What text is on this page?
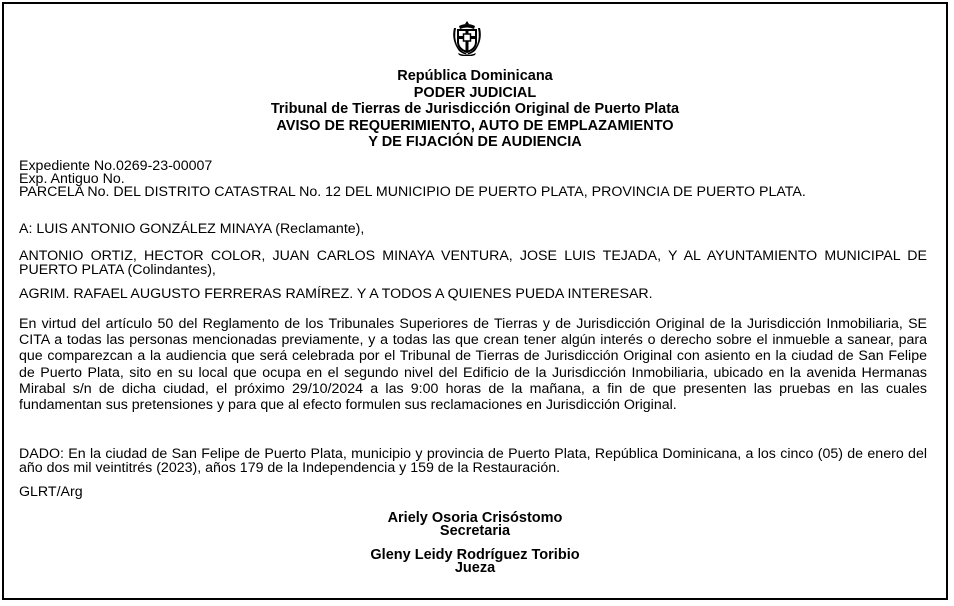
República Dominicana
PODER JUDICIAL
Tribunal de Tierras de Jurisdicción Original de Puerto Plata
AVISO DE REQUERIMIENTO, AUTO DE EMPLAZAMIENTO
Y DE FIJACIÓN DE AUDIENCIA
Expediente No.0269-23-00007
Exp. Antiguo No.
PARCELA No. DEL DISTRITO CATASTRAL No. 12 DEL MUNICIPIO DE PUERTO PLATA, PROVINCIA DE PUERTO PLATA.
A: LUIS ANTONIO GONZÁLEZ MINAYA (Reclamante),
ANTONIO ORTIZ, HECTOR COLOR, JUAN CARLOS MINAYA VENTURA, JOSE LUIS TEJADA, Y AL AYUNTAMIENTO MUNICIPAL DE PUERTO PLATA (Colindantes),
AGRIM. RAFAEL AUGUSTO FERRERAS RAMÍREZ. Y A TODOS A QUIENES PUEDA INTERESAR.
En virtud del artículo 50 del Reglamento de los Tribunales Superiores de Tierras y de Jurisdicción Original de la Jurisdicción Inmobiliaria, SE CITA a todas las personas mencionadas previamente, y a todas las que crean tener algún interés o derecho sobre el inmueble a sanear, para que comparezcan a la audiencia que será celebrada por el Tribunal de Tierras de Jurisdicción Original con asiento en la ciudad de San Felipe de Puerto Plata, sito en su local que ocupa en el segundo nivel del Edificio de la Jurisdicción Inmobiliaria, ubicado en la avenida Hermanas Mirabal s/n de dicha ciudad, el próximo 29/10/2024 a las 9:00 horas de la mañana, a fin de que presenten las pruebas en las cuales fundamentan sus pretensiones y para que al efecto formulen sus reclamaciones en Jurisdicción Original.
DADO: En la ciudad de San Felipe de Puerto Plata, municipio y provincia de Puerto Plata, República Dominicana, a los cinco (05) de enero del año dos mil veintitrés (2023), años 179 de la Independencia y 159 de la Restauración.
GLRT/Arg
Ariely Osoria Crisóstomo
Secretaria
Gleny Leidy Rodríguez Toribio
Jueza
